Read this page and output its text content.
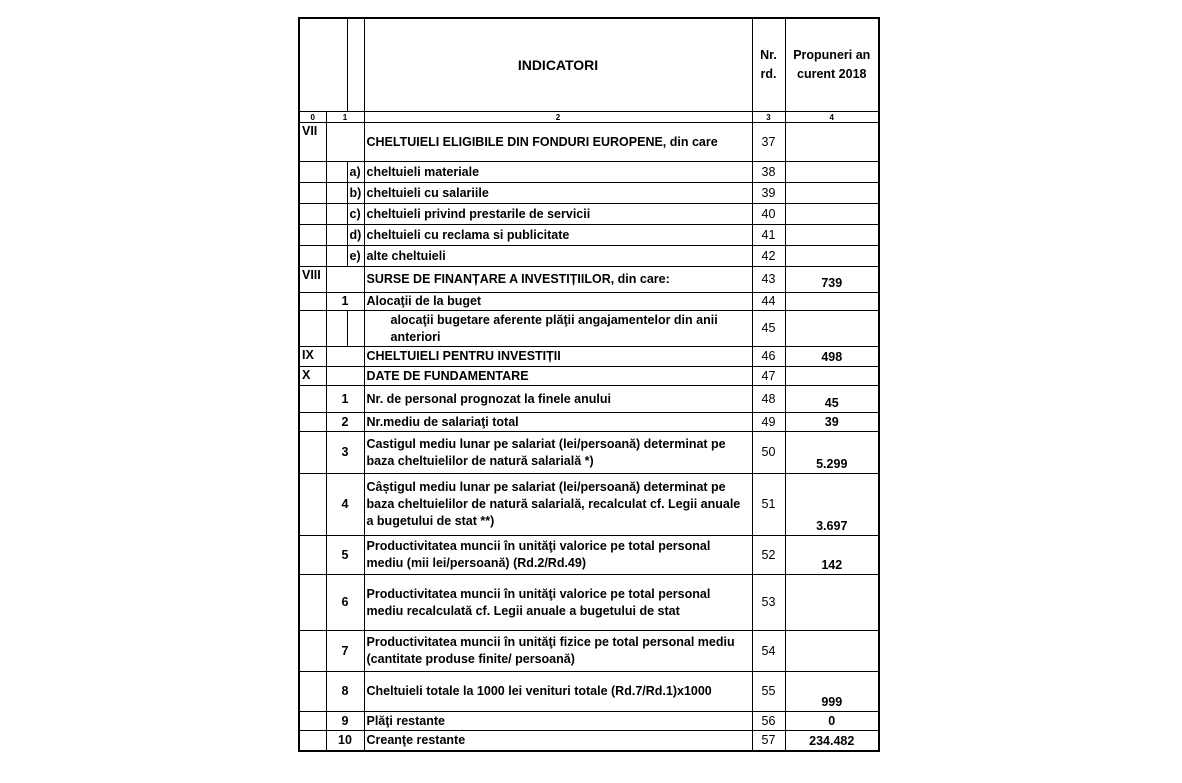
			INDICATORI	Nr. rd.	Propuneri an curent 2018
0	1		2	3	4
VII			CHELTUIELI ELIGIBILE DIN FONDURI EUROPENE, din care	37	
		a)	cheltuieli materiale	38	
		b)	cheltuieli cu salariile	39	
		c)	cheltuieli privind prestarile de servicii	40	
		d)	cheltuieli cu reclama si publicitate	41	
		e)	alte cheltuieli	42	
VIII			SURSE DE FINANȚARE A INVESTIȚIILOR, din care:	43	739
	1		Alocaţii de la buget	44	
			alocaţii bugetare aferente plăţii angajamentelor din anii anteriori	45	
IX			CHELTUIELI PENTRU INVESTIȚII	46	498
X			DATE DE FUNDAMENTARE	47	
	1		Nr. de personal prognozat la finele anului	48	45
	2		Nr.mediu de salariaţi total	49	39
	3		Castigul mediu lunar pe salariat (lei/persoană) determinat pe baza cheltuielilor de natură salarială *)	50	5.299
	4		Câștigul mediu lunar pe salariat (lei/persoană) determinat pe baza cheltuielilor de natură salarială, recalculat cf. Legii anuale a bugetului de stat **)	51	3.697
	5		Productivitatea muncii în unităţi valorice pe total personal mediu (mii lei/persoană) (Rd.2/Rd.49)	52	142
	6		Productivitatea muncii în unităţi valorice pe total personal mediu recalculată cf. Legii anuale a bugetului de stat	53	
	7		Productivitatea muncii în unităţi fizice pe total personal mediu (cantitate produse finite/ persoană)	54	
	8		Cheltuieli totale la 1000 lei venituri totale (Rd.7/Rd.1)x1000	55	999
	9		Plăţi restante	56	0
	10		Creanţe restante	57	234.482
